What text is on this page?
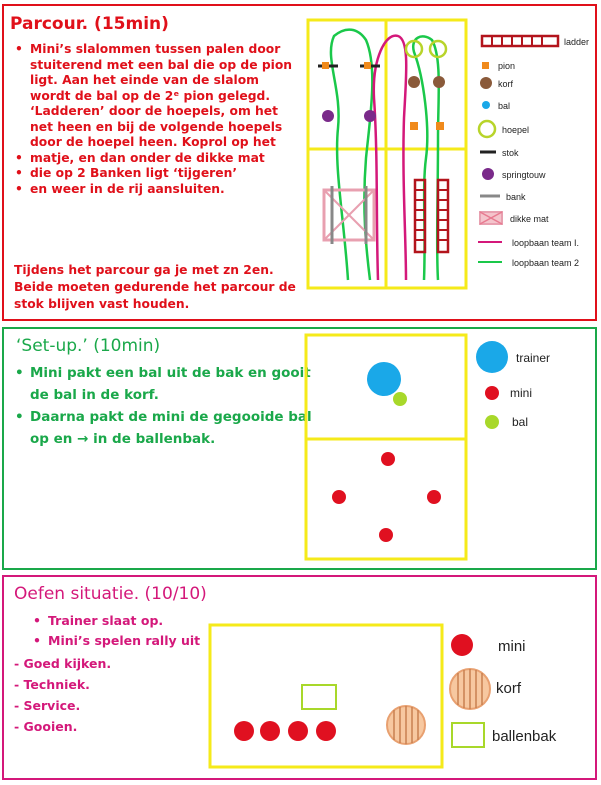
Parcour. (15min)
• Mini’s slalommen tussen palen door stuiterend met een bal die op de pion ligt. Aan het einde van de slalom wordt de bal op de 2ᵉ pion gelegd. ‘Ladderen’ door de hoepels, om het net heen en bij de volgende hoepels door de hoepel heen. Koprol op het
• matje, en dan onder de dikke mat
• die op 2 Banken ligt ‘tijgeren’
• en weer in de rij aansluiten.

Tijdens het parcour ga je met zn 2en.
Beide moeten gedurende het parcour de
stok blijven vast houden.

ladder
pion
korf
bal
hoepel
stok
springtouw
bank
dikke mat
loopbaan team I.
loopbaan team 2
‘Set-up.’ (10min)
• Mini pakt een bal uit de bak en gooit de bal in de korf.
• Daarna pakt de mini de gegooide bal op en → in de ballenbak.
trainer
mini
bal
Oefen situatie. (10/10)
• Trainer slaat op.
• Mini’s spelen rally uit
- Goed kijken.
- Techniek.
- Service.
- Gooien.
mini
korf
ballenbak
